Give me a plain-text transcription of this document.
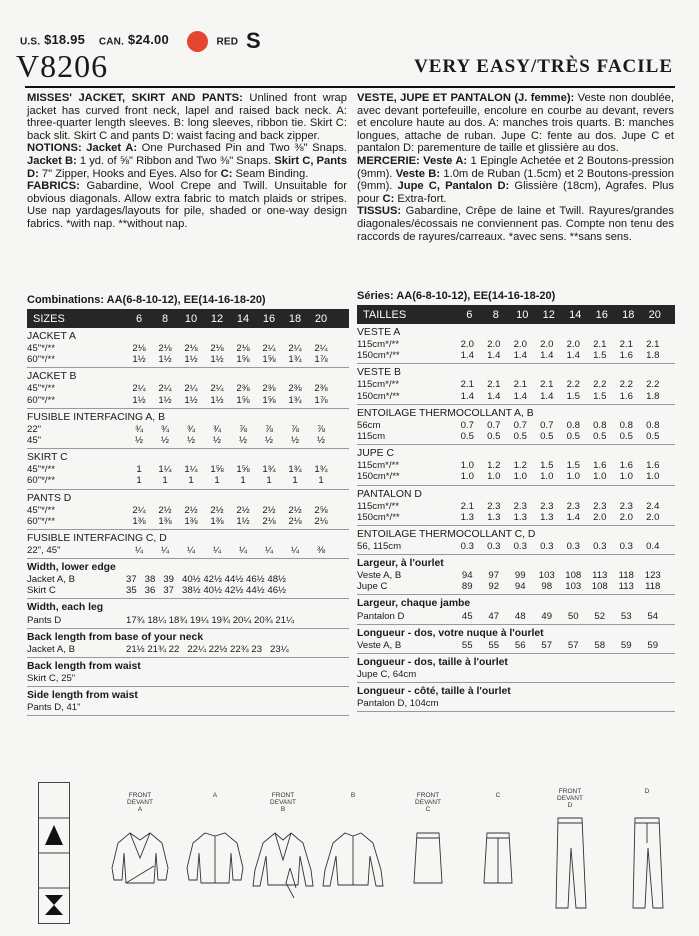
U.S. $18.95 CAN. $24.00	RED S
V8206	VERY EASY/TRÈS FACILE

MISSES' JACKET, SKIRT AND PANTS: Unlined front wrap jacket has curved front neck, lapel and raised back neck. A: three-quarter length sleeves. B: long sleeves, ribbon tie. Skirt C: back slit. Skirt C and pants D: waist facing and back zipper.

NOTIONS: Jacket A: One Purchased Pin and Two ⅜" Snaps. Jacket B: 1 yd. of ⅝" Ribbon and Two ⅜" Snaps. Skirt C, Pants D: 7" Zipper, Hooks and Eyes. Also for C: Seam Binding.

FABRICS: Gabardine, Wool Crepe and Twill. Unsuitable for obvious diagonals. Allow extra fabric to match plaids or stripes. Use nap yardages/layouts for pile, shaded or one-way design fabrics. *with nap. **without nap.

VESTE, JUPE ET PANTALON (J. femme): Veste non doublée, avec devant portefeuille, encolure en courbe au devant, revers et encolure haute au dos. A: manches trois quarts. B: manches longues, attache de ruban. Jupe C: fente au dos. Jupe C et pantalon D: parementure de taille et glissière au dos.

MERCERIE: Veste A: 1 Epingle Achetée et 2 Boutons-pression (9mm). Veste B: 1.0m de Ruban (1.5cm) et 2 Boutons-pression (9mm). Jupe C, Pantalon D: Glissière (18cm), Agrafes. Plus pour C: Extra-fort.

TISSUS: Gabardine, Crêpe de laine et Twill. Rayures/grandes diagonales/écossais ne conviennent pas. Compte non tenu des raccords de rayures/carreaux. *avec sens. **sans sens.

Combinations: AA(6-8-10-12), EE(14-16-18-20)
SIZES	6	8	10	12	14	16	18	20
JACKET A
45"*/**	2⅛	2⅛	2⅛	2⅛	2⅛	2¼	2¼	2¼
60"*/**	1½	1½	1½	1½	1⅝	1⅝	1¾	1⅞
JACKET B
45"*/**	2¼	2¼	2¼	2¼	2⅜	2⅜	2⅜	2⅜
60"*/**	1½	1½	1½	1½	1⅝	1⅝	1¾	1⅞
FUSIBLE INTERFACING A, B
22"	¾	¾	¾	¾	⅞	⅞	⅞	⅞
45"	½	½	½	½	½	½	½	½
SKIRT C
45"*/**	1	1¼	1¼	1⅝	1⅝	1¾	1¾	1¾
60"*/**	1	1	1	1	1	1	1	1
PANTS D
45"*/**	2¼	2½	2½	2½	2½	2½	2½	2⅝
60"*/**	1⅜	1⅜	1⅜	1⅜	1½	2⅛	2⅛	2⅛
FUSIBLE INTERFACING C, D
22", 45"	¼	¼	¼	¼	¼	¼	¼	⅜
Width, lower edge
Jacket A, B	37   38   39   40½ 42½ 44½ 46½ 48½
Skirt C	35   36   37   38½ 40½ 42½ 44½ 46½
Width, each leg
Pants D	17¾ 18¼ 18¾ 19¼ 19¾ 20¼ 20¾ 21¼
Back length from base of your neck
Jacket A, B	21½ 21¾ 22   22¼ 22½ 22¾ 23   23¼
Back length from waist
Skirt C, 25"
Side length from waist
Pants D, 41"
Séries: AA(6-8-10-12), EE(14-16-18-20)
TAILLES	6	8	10	12	14	16	18	20
VESTE A
115cm*/**	2.0	2.0	2.0	2.0	2.0	2.1	2.1	2.1
150cm*/**	1.4	1.4	1.4	1.4	1.4	1.5	1.6	1.8
VESTE B
115cm*/**	2.1	2.1	2.1	2.1	2.2	2.2	2.2	2.2
150cm*/**	1.4	1.4	1.4	1.4	1.5	1.5	1.6	1.8
ENTOILAGE THERMOCOLLANT A, B
56cm	0.7	0.7	0.7	0.7	0.8	0.8	0.8	0.8
115cm	0.5	0.5	0.5	0.5	0.5	0.5	0.5	0.5
JUPE C
115cm*/**	1.0	1.2	1.2	1.5	1.5	1.6	1.6	1.6
150cm*/**	1.0	1.0	1.0	1.0	1.0	1.0	1.0	1.0
PANTALON D
115cm*/**	2.1	2.3	2.3	2.3	2.3	2.3	2.3	2.4
150cm*/**	1.3	1.3	1.3	1.3	1.4	2.0	2.0	2.0
ENTOILAGE THERMOCOLLANT C, D
56, 115cm	0.3	0.3	0.3	0.3	0.3	0.3	0.3	0.4
Largeur, à l'ourlet
Veste A, B	94	97	99	103	108	113	118	123
Jupe C	89	92	94	98	103	108	113	118
Largeur, chaque jambe
Pantalon D	45	47	48	49	50	52	53	54
Longueur - dos, votre nuque à l'ourlet
Veste A, B	55	55	56	57	57	58	59	59
Longueur - dos, taille à l'ourlet
Jupe C, 64cm
Longueur - côté, taille à l'ourlet
Pantalon D, 104cm
FRONT
DEVANT
A
A	FRONT
DEVANT
B
B	FRONT
DEVANT
C
C
FRONT
DEVANT
D
D
